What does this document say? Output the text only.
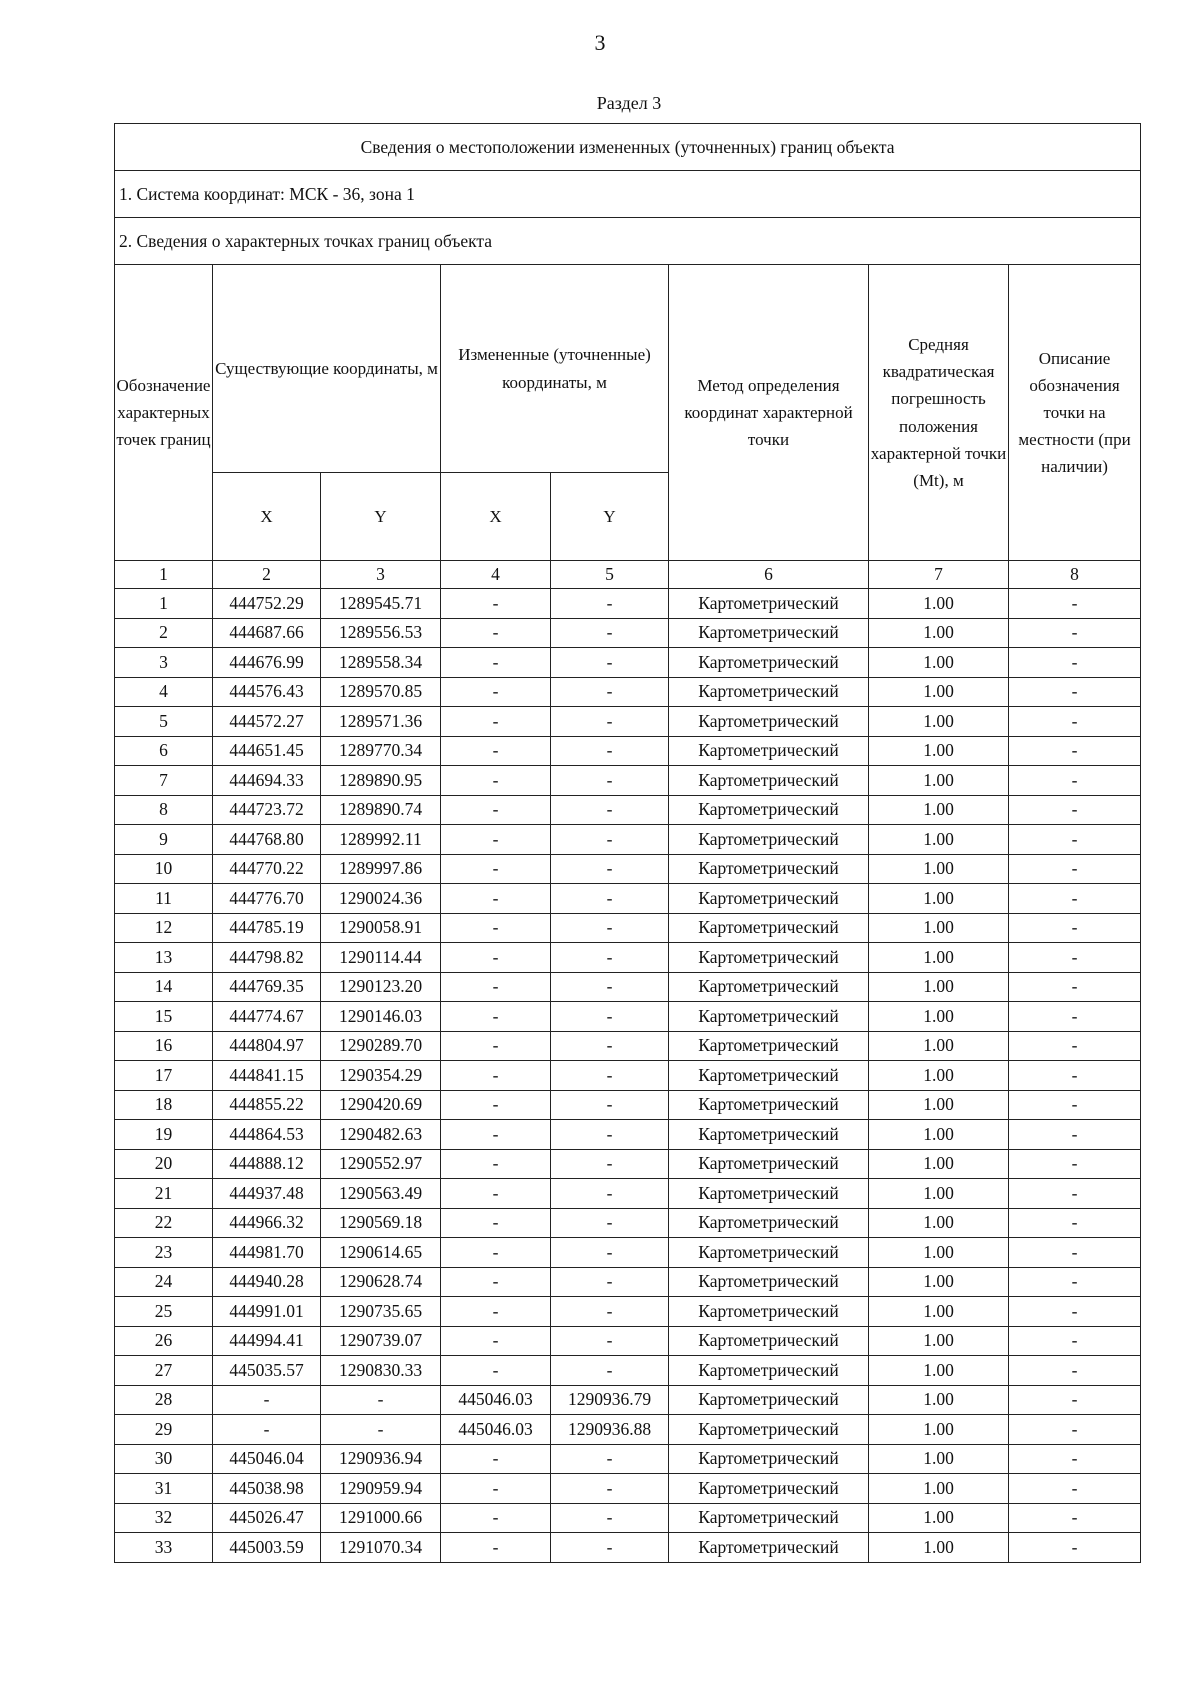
3
Раздел 3
Сведения о местоположении измененных (уточненных) границ объекта							
1. Система координат: МСК - 36, зона 1							
2. Сведения о характерных точках границ объекта							
Обозначение характерных точек границ	Существующие координаты, м		Измененные (уточненные) координаты, м		Метод определения координат характерной точки	Средняя квадратическая погрешность положения характерной точки (Mt), м	Описание обозначения точки на местности (при наличии)
	X	Y	X	Y			
1	2	3	4	5	6	7	8
1	444752.29	1289545.71	-	-	Картометрический	1.00	-
2	444687.66	1289556.53	-	-	Картометрический	1.00	-
3	444676.99	1289558.34	-	-	Картометрический	1.00	-
4	444576.43	1289570.85	-	-	Картометрический	1.00	-
5	444572.27	1289571.36	-	-	Картометрический	1.00	-
6	444651.45	1289770.34	-	-	Картометрический	1.00	-
7	444694.33	1289890.95	-	-	Картометрический	1.00	-
8	444723.72	1289890.74	-	-	Картометрический	1.00	-
9	444768.80	1289992.11	-	-	Картометрический	1.00	-
10	444770.22	1289997.86	-	-	Картометрический	1.00	-
11	444776.70	1290024.36	-	-	Картометрический	1.00	-
12	444785.19	1290058.91	-	-	Картометрический	1.00	-
13	444798.82	1290114.44	-	-	Картометрический	1.00	-
14	444769.35	1290123.20	-	-	Картометрический	1.00	-
15	444774.67	1290146.03	-	-	Картометрический	1.00	-
16	444804.97	1290289.70	-	-	Картометрический	1.00	-
17	444841.15	1290354.29	-	-	Картометрический	1.00	-
18	444855.22	1290420.69	-	-	Картометрический	1.00	-
19	444864.53	1290482.63	-	-	Картометрический	1.00	-
20	444888.12	1290552.97	-	-	Картометрический	1.00	-
21	444937.48	1290563.49	-	-	Картометрический	1.00	-
22	444966.32	1290569.18	-	-	Картометрический	1.00	-
23	444981.70	1290614.65	-	-	Картометрический	1.00	-
24	444940.28	1290628.74	-	-	Картометрический	1.00	-
25	444991.01	1290735.65	-	-	Картометрический	1.00	-
26	444994.41	1290739.07	-	-	Картометрический	1.00	-
27	445035.57	1290830.33	-	-	Картометрический	1.00	-
28	-	-	445046.03	1290936.79	Картометрический	1.00	-
29	-	-	445046.03	1290936.88	Картометрический	1.00	-
30	445046.04	1290936.94	-	-	Картометрический	1.00	-
31	445038.98	1290959.94	-	-	Картометрический	1.00	-
32	445026.47	1291000.66	-	-	Картометрический	1.00	-
33	445003.59	1291070.34	-	-	Картометрический	1.00	-
